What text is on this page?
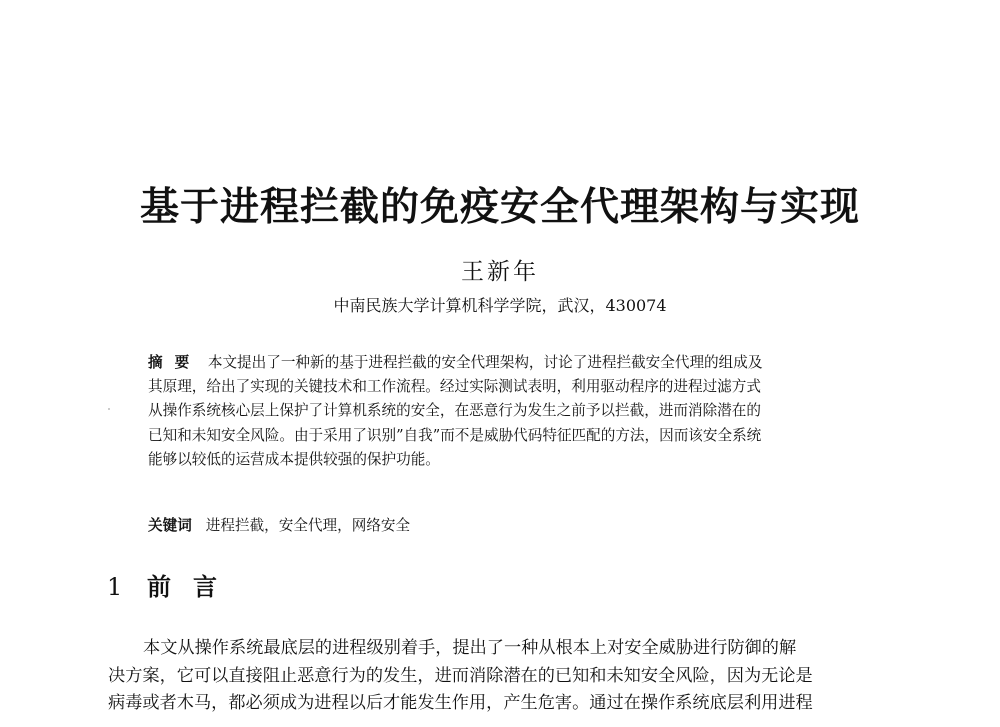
基于进程拦截的免疫安全代理架构与实现
王新年
中南民族大学计算机科学学院，武汉，430074
摘要 本文提出了一种新的基于进程拦截的安全代理架构，讨论了进程拦截安全代理的组成及
其原理，给出了实现的关键技术和工作流程。经过实际测试表明，利用驱动程序的进程过滤方式
从操作系统核心层上保护了计算机系统的安全，在恶意行为发生之前予以拦截，进而消除潜在的
已知和未知安全风险。由于采用了识别”自我”而不是威胁代码特征匹配的方法，因而该安全系统
能够以较低的运营成本提供较强的保护功能。
关键词 进程拦截，安全代理，网络安全
1 前言
本文从操作系统最底层的进程级别着手，提出了一种从根本上对安全威胁进行防御的解
决方案，它可以直接阻止恶意行为的发生，进而消除潜在的已知和未知安全风险，因为无论是
病毒或者木马，都必须成为进程以后才能发生作用，产生危害。通过在操作系统底层利用进程
